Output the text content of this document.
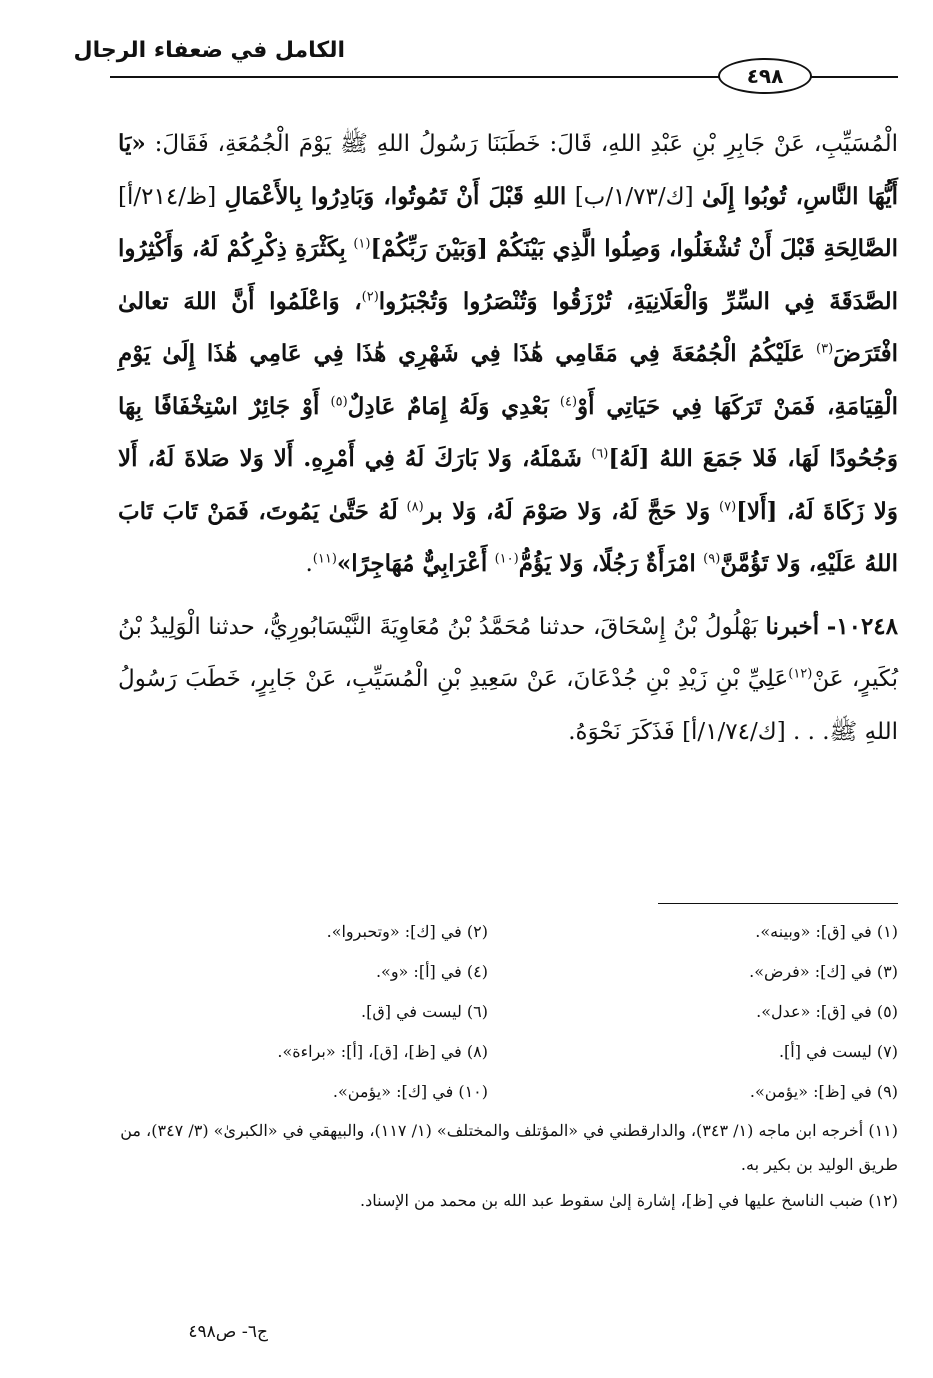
الكامل في ضعفاء الرجال
٤٩٨

الْمُسَيِّبِ، عَنْ جَابِرِ بْنِ عَبْدِ اللهِ، قَالَ: خَطَبَنَا رَسُولُ اللهِ ﷺ يَوْمَ الْجُمُعَةِ، فَقَالَ: «يَا أَيُّهَا النَّاسِ، تُوبُوا إِلَىٰ [ك/١/٧٣/ب] اللهِ قَبْلَ أَنْ تَمُوتُوا، وَبَادِرُوا بِالأَعْمَالِ [ظ/٢١٤/أ] الصَّالِحَةِ قَبْلَ أَنْ تُشْغَلُوا، وَصِلُوا الَّذِي بَيْنَكُمْ [وَبَيْنَ رَبِّكُمْ]$^{(١)}$ بِكَثْرَةِ ذِكْرِكُمْ لَهُ، وَأَكْثِرُوا الصَّدَقَةَ فِي السِّرِّ وَالْعَلَانِيَةِ، تُرْزَقُوا وَتُنْصَرُوا وَتُجْبَرُوا$^{(٢)}$، وَاعْلَمُوا أَنَّ اللهَ تعالىٰ افْتَرَضَ$^{(٣)}$ عَلَيْكُمُ الْجُمُعَةَ فِي مَقَامِي هَٰذَا فِي شَهْرِي هَٰذَا فِي عَامِي هَٰذَا إِلَىٰ يَوْمِ الْقِيَامَةِ، فَمَنْ تَرَكَهَا فِي حَيَاتِي أَوْ$^{(٤)}$ بَعْدِي وَلَهُ إِمَامٌ عَادِلٌ$^{(٥)}$ أَوْ جَائِرٌ اسْتِخْفَافًا بِهَا وَجُحُودًا لَهَا، فَلا جَمَعَ اللهُ [لَهُ]$^{(٦)}$ شَمْلَهُ، وَلا بَارَكَ لَهُ فِي أَمْرِهِ. أَلا وَلا صَلاةَ لَهُ، أَلا وَلا زَكَاةَ لَهُ، [أَلا]$^{(٧)}$ وَلا حَجَّ لَهُ، وَلا صَوْمَ لَهُ، وَلا بر$^{(٨)}$ لَهُ حَتَّىٰ يَمُوتَ، فَمَنْ تَابَ تَابَ اللهُ عَلَيْهِ، وَلا تَؤُمَّنَّ$^{(٩)}$ امْرَأَةٌ رَجُلًا، وَلا يَؤُمُّ$^{(١٠)}$ أَعْرَابِيٌّ مُهَاجِرًا»$^{(١١)}$.

١٠٢٤٨- أخبرنا بَهْلُولُ بْنُ إِسْحَاقَ، حدثنا مُحَمَّدُ بْنُ مُعَاوِيَةَ النَّيْسَابُورِيُّ، حدثنا الْوَلِيدُ بْنُ بُكَيرٍ، عَنْ$^{(١٢)}$عَلِيِّ بْنِ زَيْدِ بْنِ جُدْعَانَ، عَنْ سَعِيدِ بْنِ الْمُسَيِّبِ، عَنْ جَابِرٍ، خَطَبَ رَسُولُ اللهِ ﷺ. . . [ك/١/٧٤/أ] فَذَكَرَ نَحْوَهُ.

(١) في [ق]: «وبينه».
(٢) في [ك]: «وتحبروا».
(٣) في [ك]: «فرض».
(٤) في [أ]: «و».
(٥) في [ق]: «عدل».
(٦) ليست في [ق].
(٧) ليست في [أ].
(٨) في [ظ]، [ق]، [أ]: «براءة».
(٩) في [ظ]: «يؤمن».
(١٠) في [ك]: «يؤمن».
(١١) أخرجه ابن ماجه (١/ ٣٤٣)، والدارقطني في «المؤتلف والمختلف» (١/ ١١٧)، والبيهقي في «الكبرىٰ» (٣/ ٣٤٧)، من طريق الوليد بن بكير به.
(١٢) ضبب الناسخ عليها في [ظ]، إشارة إلىٰ سقوط عبد الله بن محمد من الإسناد.
ج٦- ص٤٩٨
